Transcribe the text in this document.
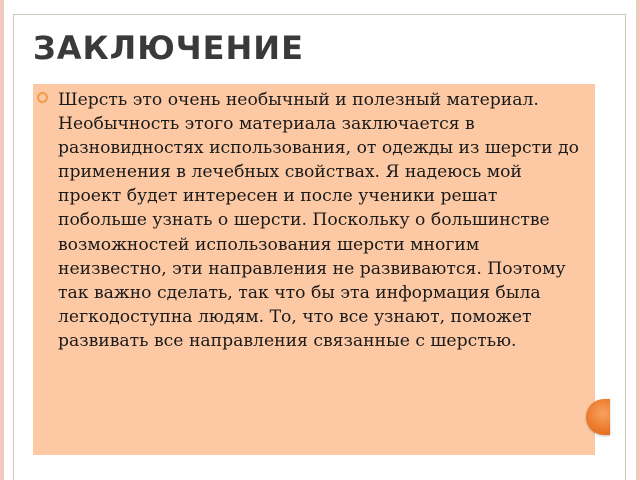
ЗАКЛЮЧЕНИЕ

Шерсть это очень необычный и полезный материал. Необычность этого материала заключается в разновидностях использования, от одежды из шерсти до применения в лечебных свойствах. Я надеюсь мой проект будет интересен и после ученики решат побольше узнать о шерсти. Поскольку о большинстве возможностей использования шерсти многим неизвестно, эти направления не развиваются. Поэтому так важно сделать, так что бы эта информация была легкодоступна людям. То, что все узнают, поможет развивать все направления связанные с шерстью.
